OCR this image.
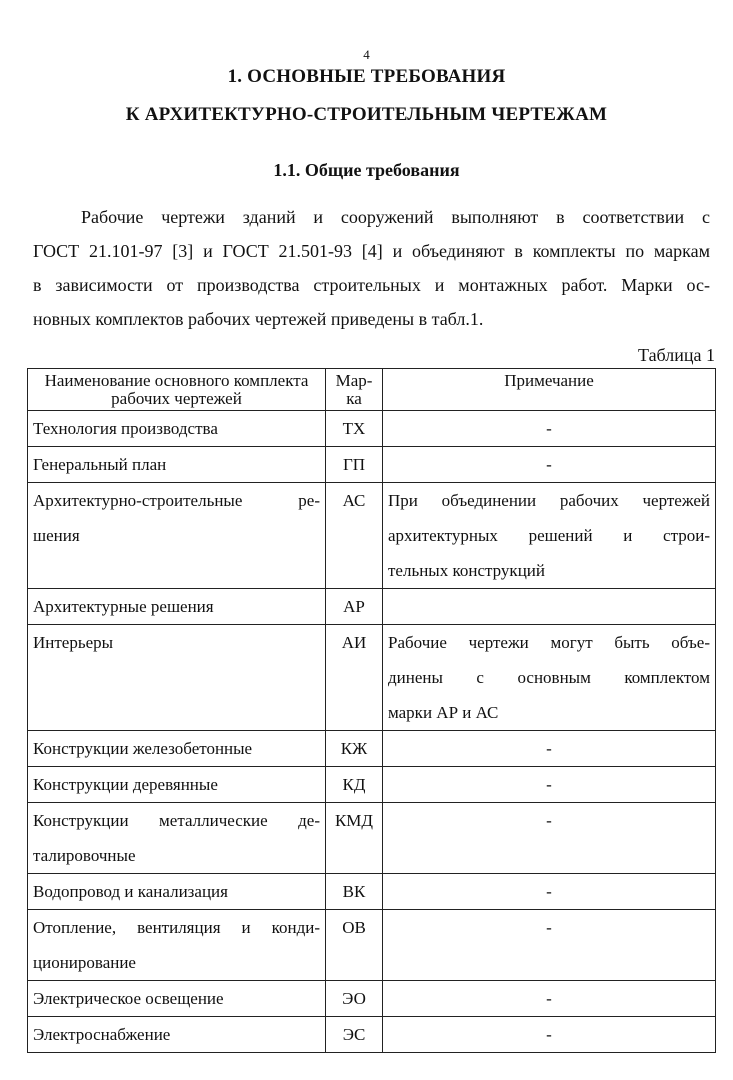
4
1. ОСНОВНЫЕ ТРЕБОВАНИЯ
К АРХИТЕКТУРНО-СТРОИТЕЛЬНЫМ ЧЕРТЕЖАМ
1.1. Общие требования
Рабочие чертежи зданий и сооружений выполняют в соответствии с
ГОСТ 21.101-97 [3] и ГОСТ 21.501-93 [4] и объединяют в комплекты по маркам
в зависимости от производства строительных и монтажных работ. Марки ос-
новных комплектов рабочих чертежей приведены в табл.1.
Таблица 1
Наименование основного комплекта рабочих чертежей	Мар- ка	Примечание

Технология производства	ТХ	-

Генеральный план	ГП	-

Архитектурно-строительные ре-
шения	АС	При объединении рабочих чертежей
архитектурных решений и строи-
тельных конструкций

Архитектурные решения	АР	

Интерьеры	АИ	Рабочие чертежи могут быть объе-
динены с основным комплектом
марки АР и АС

Конструкции железобетонные	КЖ	-

Конструкции деревянные	КД	-

Конструкции металлические де-
талировочные	КМД	-

Водопровод и канализация	ВК	-

Отопление, вентиляция и конди-
ционирование	ОВ	-

Электрическое освещение	ЭО	-

Электроснабжение	ЭС	-
